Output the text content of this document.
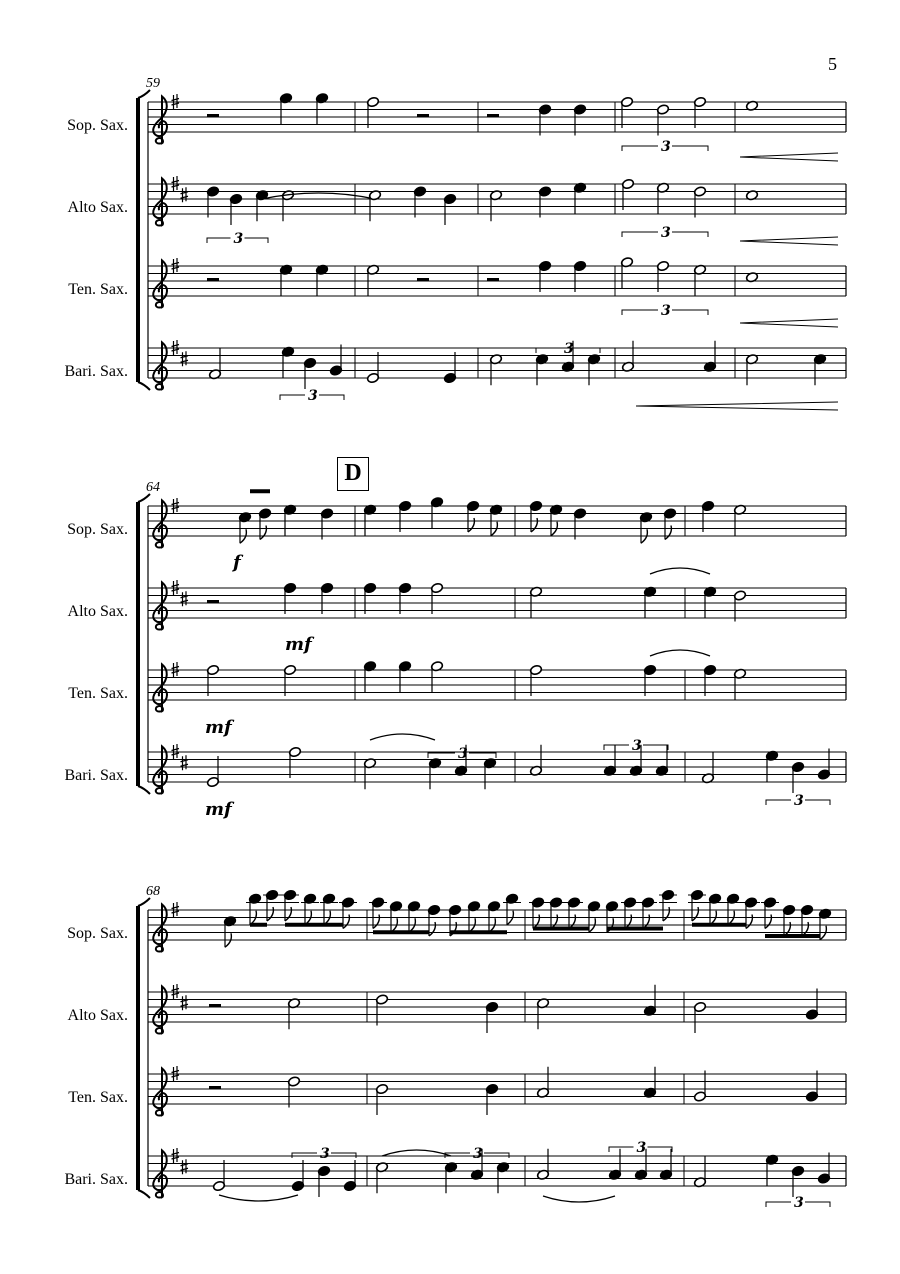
5
59
64
68
D
Sop. Sax.
Alto Sax.
Ten. Sax.
Bari. Sax.
Sop. Sax.
Alto Sax.
Ten. Sax.
Bari. Sax.
Sop. Sax.
Alto Sax.
Ten. Sax.
Bari. Sax.
3
3	3
3
3
3
f
mf
mf
3	3
3
mf
3	3	3
3
